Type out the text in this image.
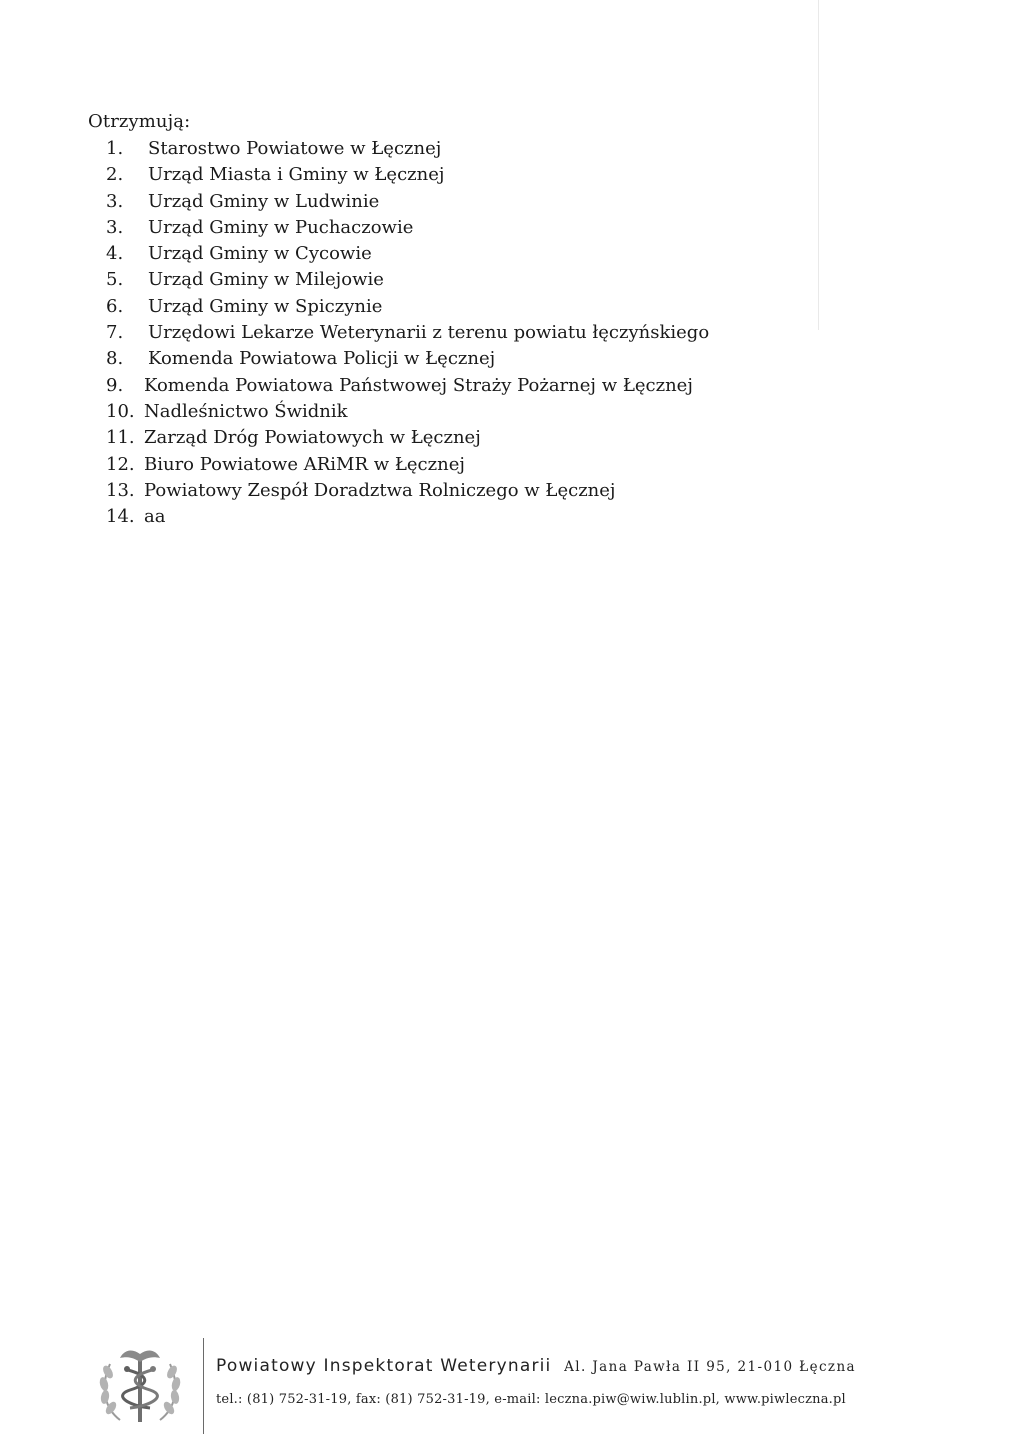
Otrzymują:
1. Starostwo Powiatowe w Łęcznej
2. Urząd Miasta i Gminy w Łęcznej
3. Urząd Gminy w Ludwinie
3. Urząd Gminy w Puchaczowie
4. Urząd Gminy w Cycowie
5. Urząd Gminy w Milejowie
6. Urząd Gminy w Spiczynie
7. Urzędowi Lekarze Weterynarii z terenu powiatu łęczyńskiego
8. Komenda Powiatowa Policji w Łęcznej
9. Komenda Powiatowa Państwowej Straży Pożarnej w Łęcznej
10. Nadleśnictwo Świdnik
11. Zarząd Dróg Powiatowych w Łęcznej
12. Biuro Powiatowe ARiMR w Łęcznej
13. Powiatowy Zespół Doradztwa Rolniczego w Łęcznej
14. aa
Powiatowy Inspektorat Weterynarii Al. Jana Pawła II 95, 21-010 Łęczna
tel.: (81) 752-31-19, fax: (81) 752-31-19, e-mail: leczna.piw@wiw.lublin.pl, www.piwleczna.pl
